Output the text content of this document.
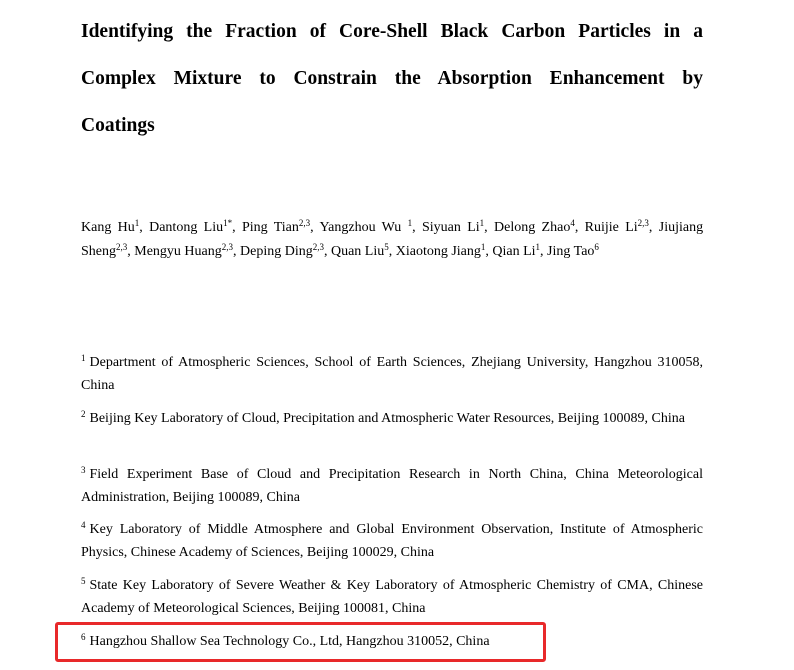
Identifying the Fraction of Core-Shell Black Carbon Particles in a
Complex Mixture to Constrain the Absorption Enhancement by
Coatings
Kang Hu$^1$, Dantong Liu$^{1*}$, Ping Tian$^{2,3}$, Yangzhou Wu $^1$, Siyuan Li$^1$, Delong Zhao$^4$, Ruijie Li$^{2,3}$, Jiujiang Sheng$^{2,3}$, Mengyu Huang$^{2,3}$, Deping Ding$^{2,3}$, Quan Liu$^5$, Xiaotong Jiang$^1$, Qian Li$^1$, Jing Tao$^6$
$^1$ Department of Atmospheric Sciences, School of Earth Sciences, Zhejiang University, Hangzhou 310058, China
$^2$ Beijing Key Laboratory of Cloud, Precipitation and Atmospheric Water Resources, Beijing 100089, China
$^3$ Field Experiment Base of Cloud and Precipitation Research in North China, China Meteorological Administration, Beijing 100089, China
$^4$ Key Laboratory of Middle Atmosphere and Global Environment Observation, Institute of Atmospheric Physics, Chinese Academy of Sciences, Beijing 100029, China
$^5$ State Key Laboratory of Severe Weather & Key Laboratory of Atmospheric Chemistry of CMA, Chinese Academy of Meteorological Sciences, Beijing 100081, China
$^6$ Hangzhou Shallow Sea Technology Co., Ltd, Hangzhou 310052, China
